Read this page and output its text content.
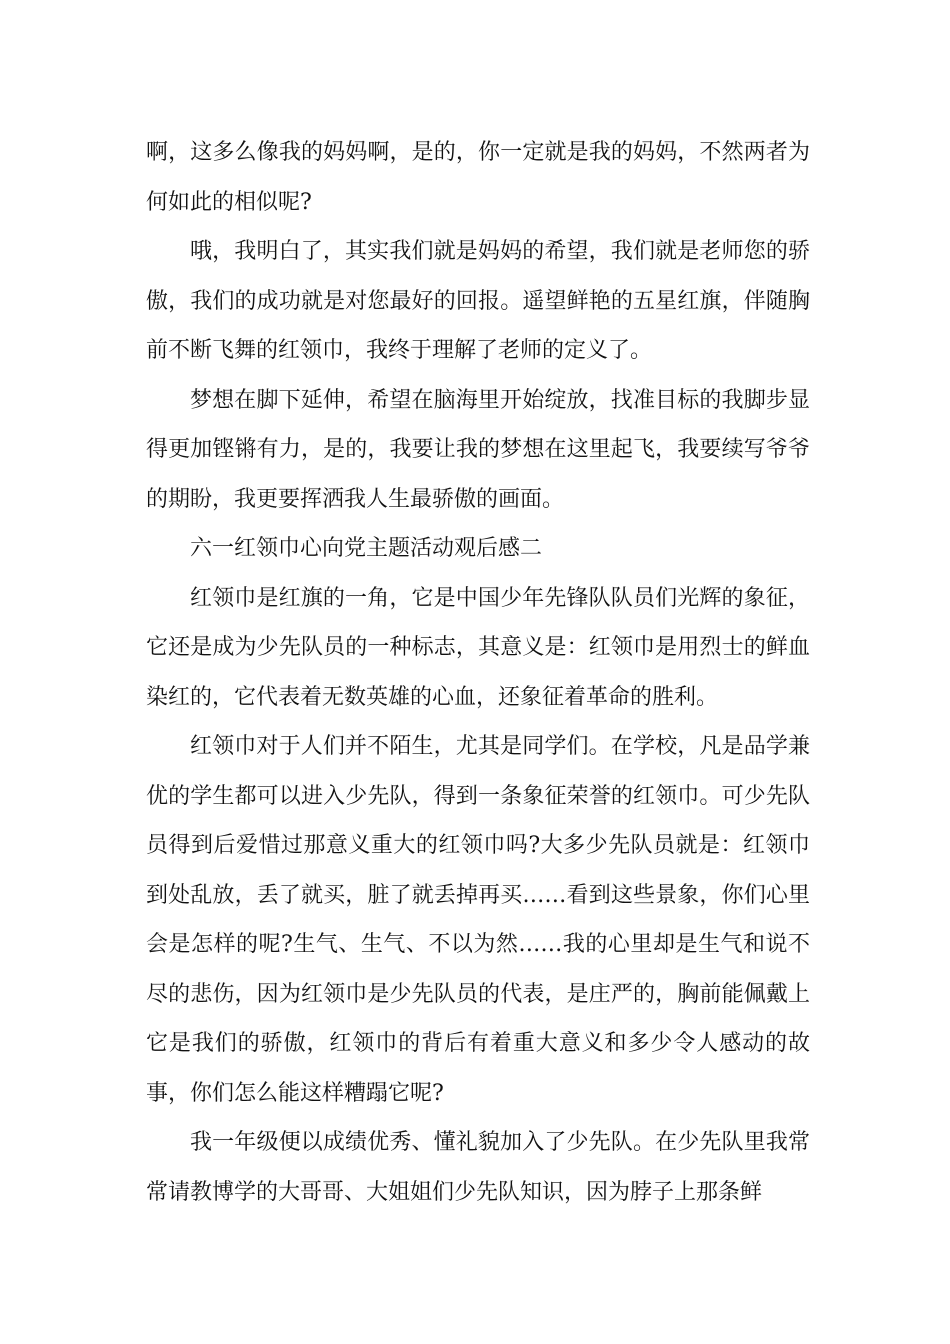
啊，这多么像我的妈妈啊，是的，你一定就是我的妈妈，不然两者为何如此的相似呢?

哦，我明白了，其实我们就是妈妈的希望，我们就是老师您的骄傲，我们的成功就是对您最好的回报。遥望鲜艳的五星红旗，伴随胸前不断飞舞的红领巾，我终于理解了老师的定义了。

梦想在脚下延伸，希望在脑海里开始绽放，找准目标的我脚步显得更加铿锵有力，是的，我要让我的梦想在这里起飞，我要续写爷爷的期盼，我更要挥洒我人生最骄傲的画面。

六一红领巾心向党主题活动观后感二

红领巾是红旗的一角，它是中国少年先锋队队员们光辉的象征，它还是成为少先队员的一种标志，其意义是：红领巾是用烈士的鲜血染红的，它代表着无数英雄的心血，还象征着革命的胜利。

红领巾对于人们并不陌生，尤其是同学们。在学校，凡是品学兼优的学生都可以进入少先队，得到一条象征荣誉的红领巾。可少先队员得到后爱惜过那意义重大的红领巾吗?大多少先队员就是：红领巾到处乱放，丢了就买，脏了就丢掉再买……看到这些景象，你们心里会是怎样的呢?生气、生气、不以为然……我的心里却是生气和说不尽的悲伤，因为红领巾是少先队员的代表，是庄严的，胸前能佩戴上它是我们的骄傲，红领巾的背后有着重大意义和多少令人感动的故事，你们怎么能这样糟蹋它呢?

我一年级便以成绩优秀、懂礼貌加入了少先队。在少先队里我常常请教博学的大哥哥、大姐姐们少先队知识，因为脖子上那条鲜
